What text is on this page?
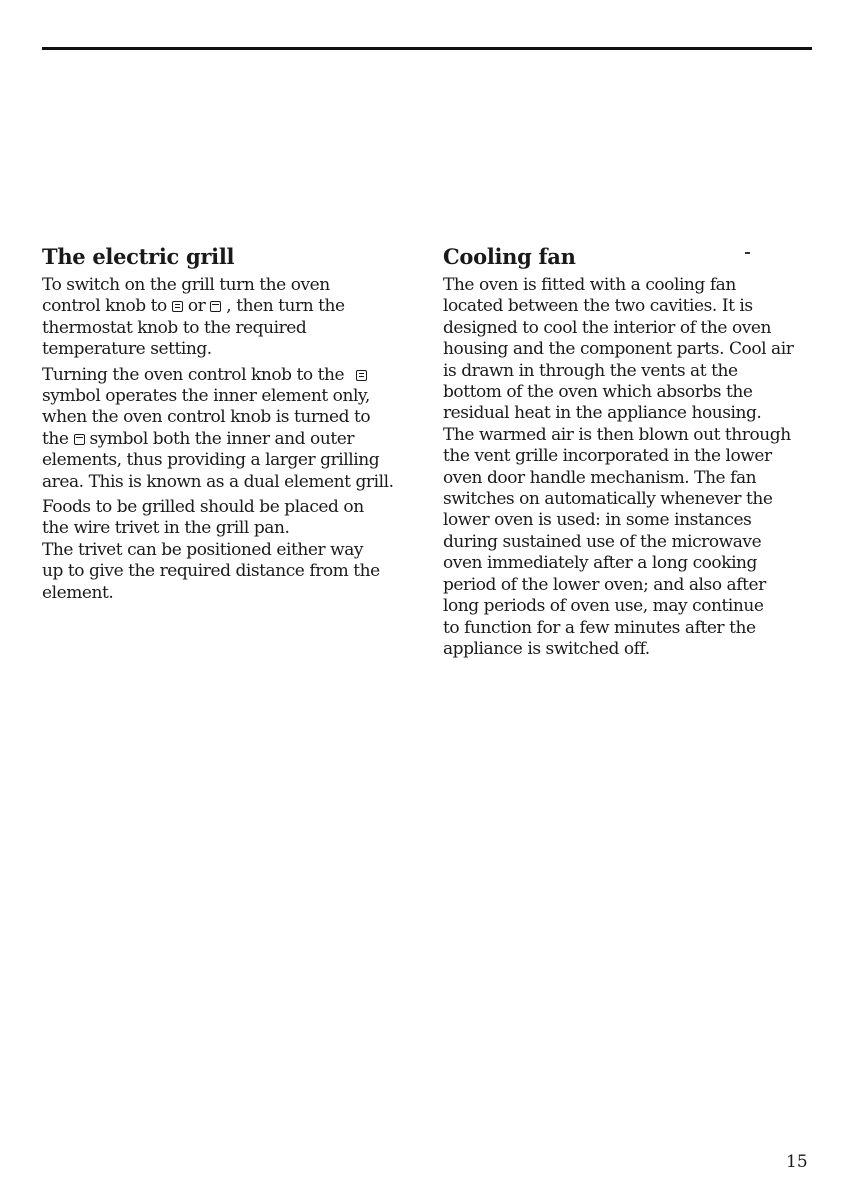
The electric grill

To switch on the grill turn the oven
control knob to or , then turn the
thermostat knob to the required
temperature setting.

Turning the oven control knob to the
symbol operates the inner element only,
when the oven control knob is turned to
the symbol both the inner and outer
elements, thus providing a larger grilling
area. This is known as a dual element grill.

Foods to be grilled should be placed on
the wire trivet in the grill pan.
The trivet can be positioned either way
up to give the required distance from the
element.

Cooling fan

The oven is fitted with a cooling fan
located between the two cavities. It is
designed to cool the interior of the oven
housing and the component parts. Cool air
is drawn in through the vents at the
bottom of the oven which absorbs the
residual heat in the appliance housing.
The warmed air is then blown out through
the vent grille incorporated in the lower
oven door handle mechanism. The fan
switches on automatically whenever the
lower oven is used: in some instances
during sustained use of the microwave
oven immediately after a long cooking
period of the lower oven; and also after
long periods of oven use, may continue
to function for a few minutes after the
appliance is switched off.

15
